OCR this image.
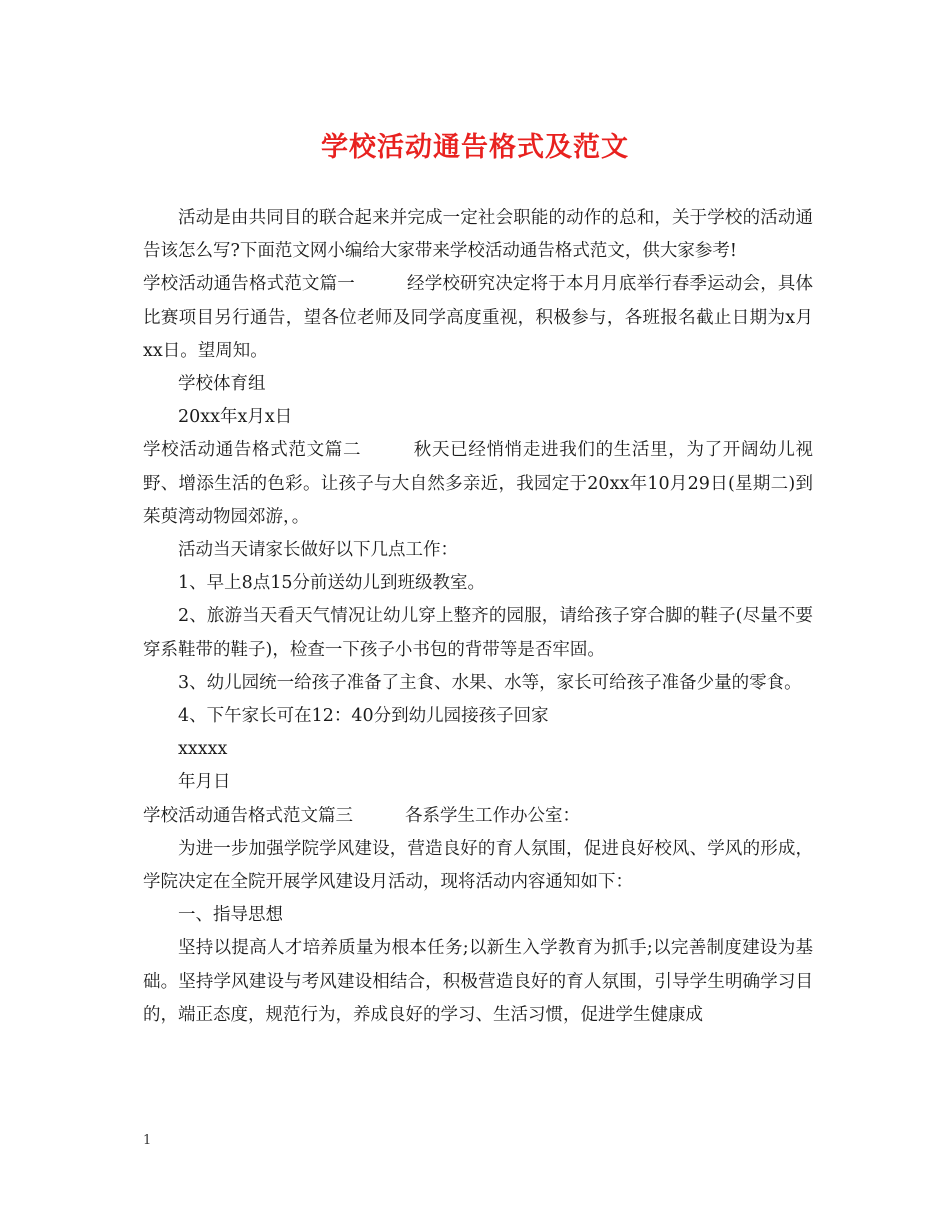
学校活动通告格式及范文

活动是由共同目的联合起来并完成一定社会职能的动作的总和，关于学校的活动通告该怎么写?下面范文网小编给大家带来学校活动通告格式范文，供大家参考!

学校活动通告格式范文篇一	经学校研究决定将于本月月底举行春季运动会，具体比赛项目另行通告，望各位老师及同学高度重视，积极参与，各班报名截止日期为x月xx日。望周知。

学校体育组

20xx年x月x日

学校活动通告格式范文篇二	秋天已经悄悄走进我们的生活里，为了开阔幼儿视野、增添生活的色彩。让孩子与大自然多亲近，我园定于20xx年10月29日(星期二)到茱萸湾动物园郊游，。

活动当天请家长做好以下几点工作：

1、早上8点15分前送幼儿到班级教室。

2、旅游当天看天气情况让幼儿穿上整齐的园服，请给孩子穿合脚的鞋子(尽量不要穿系鞋带的鞋子)，检查一下孩子小书包的背带等是否牢固。

3、幼儿园统一给孩子准备了主食、水果、水等，家长可给孩子准备少量的零食。

4、下午家长可在12：40分到幼儿园接孩子回家

xxxxx

年月日

学校活动通告格式范文篇三	各系学生工作办公室：

为进一步加强学院学风建设，营造良好的育人氛围，促进良好校风、学风的形成，学院决定在全院开展学风建设月活动，现将活动内容通知如下：

一、指导思想

坚持以提高人才培养质量为根本任务;以新生入学教育为抓手;以完善制度建设为基础。坚持学风建设与考风建设相结合，积极营造良好的育人氛围，引导学生明确学习目的，端正态度，规范行为，养成良好的学习、生活习惯，促进学生健康成

1
